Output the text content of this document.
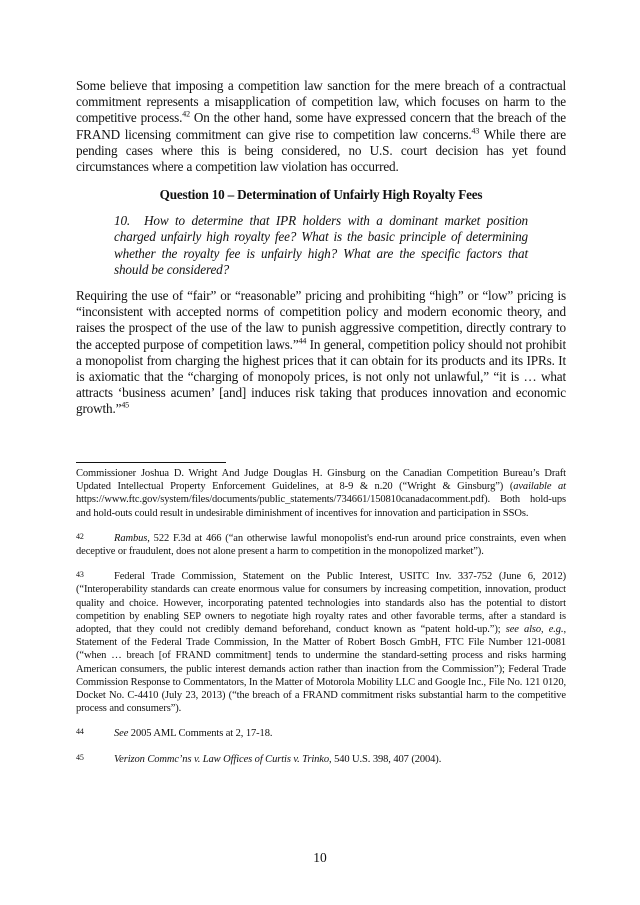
Some believe that imposing a competition law sanction for the mere breach of a contractual commitment represents a misapplication of competition law, which focuses on harm to the competitive process.$^{42}$ On the other hand, some have expressed concern that the breach of the FRAND licensing commitment can give rise to competition law concerns.$^{43}$ While there are pending cases where this is being considered, no U.S. court decision has yet found circumstances where a competition law violation has occurred.

Question 10 – Determination of Unfairly High Royalty Fees

10. How to determine that IPR holders with a dominant market position charged unfairly high royalty fee? What is the basic principle of determining whether the royalty fee is unfairly high? What are the specific factors that should be considered?

Requiring the use of “fair” or “reasonable” pricing and prohibiting “high” or “low” pricing is “inconsistent with accepted norms of competition policy and modern economic theory, and raises the prospect of the use of the law to punish aggressive competition, directly contrary to the accepted purpose of competition laws.”$^{44}$ In general, competition policy should not prohibit a monopolist from charging the highest prices that it can obtain for its products and its IPRs. It is axiomatic that the “charging of monopoly prices, is not only not unlawful,” “it is … what attracts ‘business acumen’ [and] induces risk taking that produces innovation and economic growth.”$^{45}$

Commissioner Joshua D. Wright And Judge Douglas H. Ginsburg on the Canadian Competition Bureau’s Draft Updated Intellectual Property Enforcement Guidelines, at 8-9 & n.20 (“Wright & Ginsburg”) (available at https://www.ftc.gov/system/files/documents/public_statements/734661/150810canadacomment.pdf). Both hold-ups and hold-outs could result in undesirable diminishment of incentives for innovation and participation in SSOs.

42	Rambus, 522 F.3d at 466 (“an otherwise lawful monopolist's end-run around price constraints, even when deceptive or fraudulent, does not alone present a harm to competition in the monopolized market”).

43	Federal Trade Commission, Statement on the Public Interest, USITC Inv. 337-752 (June 6, 2012) (“Interoperability standards can create enormous value for consumers by increasing competition, innovation, product quality and choice. However, incorporating patented technologies into standards also has the potential to distort competition by enabling SEP owners to negotiate high royalty rates and other favorable terms, after a standard is adopted, that they could not credibly demand beforehand, conduct known as “patent hold-up.”); see also, e.g., Statement of the Federal Trade Commission, In the Matter of Robert Bosch GmbH, FTC File Number 121-0081 (“when … breach [of FRAND commitment] tends to undermine the standard-setting process and risks harming American consumers, the public interest demands action rather than inaction from the Commission”); Federal Trade Commission Response to Commentators, In the Matter of Motorola Mobility LLC and Google Inc., File No. 121 0120, Docket No. C-4410 (July 23, 2013) (“the breach of a FRAND commitment risks substantial harm to the competitive process and consumers”).

44	See 2005 AML Comments at 2, 17-18.

45	Verizon Commc’ns v. Law Offices of Curtis v. Trinko, 540 U.S. 398, 407 (2004).

10
